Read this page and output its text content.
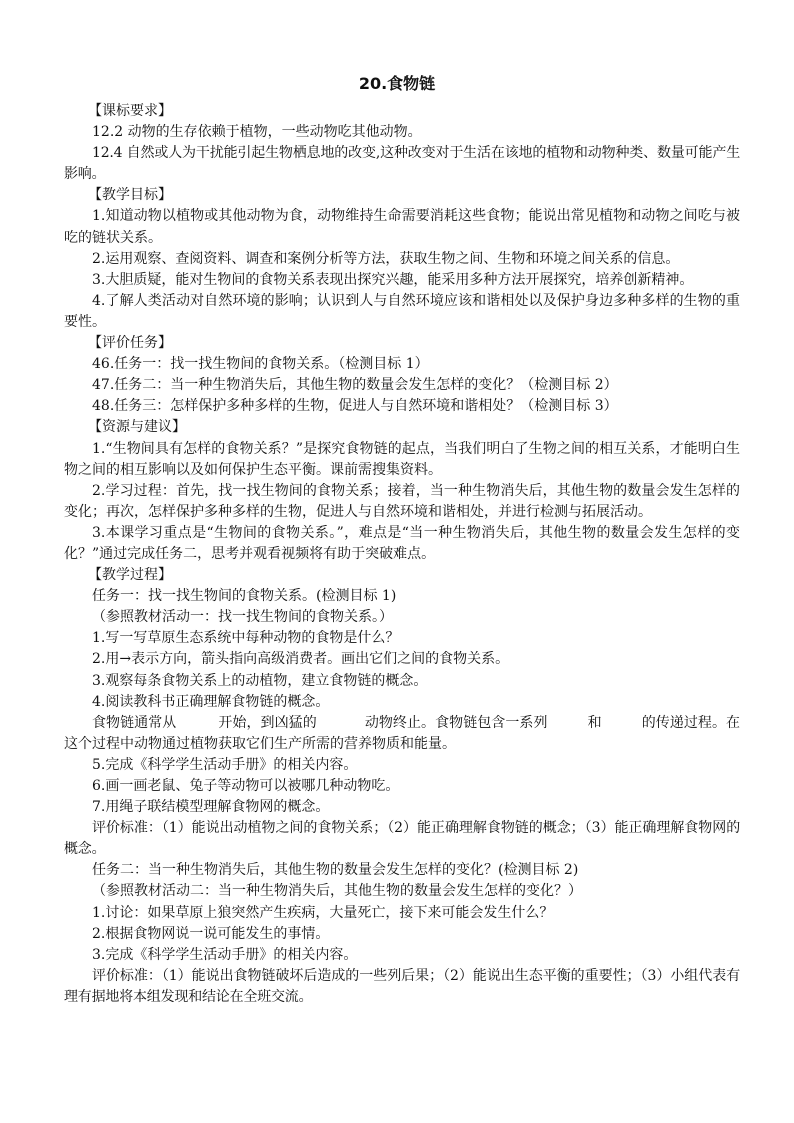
20.食物链

【课标要求】

12.2 动物的生存依赖于植物，一些动物吃其他动物。

12.4 自然或人为干扰能引起生物栖息地的改变,这种改变对于生活在该地的植物和动物种类、数量可能产生影响。

【教学目标】

1.知道动物以植物或其他动物为食，动物维持生命需要消耗这些食物；能说出常见植物和动物之间吃与被吃的链状关系。

2.运用观察、查阅资料、调查和案例分析等方法，获取生物之间、生物和环境之间关系的信息。

3.大胆质疑，能对生物间的食物关系表现出探究兴趣，能采用多种方法开展探究，培养创新精神。

4.了解人类活动对自然环境的影响；认识到人与自然环境应该和谐相处以及保护身边多种多样的生物的重要性。

【评价任务】

46.任务一：找一找生物间的食物关系。（检测目标 1）

47.任务二：当一种生物消失后，其他生物的数量会发生怎样的变化？（检测目标 2）

48.任务三：怎样保护多种多样的生物，促进人与自然环境和谐相处？（检测目标 3）

【资源与建议】

1.“生物间具有怎样的食物关系？”是探究食物链的起点，当我们明白了生物之间的相互关系，才能明白生物之间的相互影响以及如何保护生态平衡。课前需搜集资料。

2.学习过程：首先，找一找生物间的食物关系；接着，当一种生物消失后，其他生物的数量会发生怎样的变化；再次，怎样保护多种多样的生物，促进人与自然环境和谐相处，并进行检测与拓展活动。

3.本课学习重点是“生物间的食物关系。”，难点是“当一种生物消失后，其他生物的数量会发生怎样的变化？”通过完成任务二，思考并观看视频将有助于突破难点。

【教学过程】

任务一：找一找生物间的食物关系。(检测目标 1)

（参照教材活动一：找一找生物间的食物关系。）

1.写一写草原生态系统中每种动物的食物是什么？

2.用→表示方向，箭头指向高级消费者。画出它们之间的食物关系。

3.观察每条食物关系上的动植物，建立食物链的概念。

4.阅读教科书正确理解食物链的概念。

食物链通常从	开始，到凶猛的	动物终止。食物链包含一系列	和	的传递过程。在这个过程中动物通过植物获取它们生产所需的营养物质和能量。

5.完成《科学学生活动手册》的相关内容。

6.画一画老鼠、兔子等动物可以被哪几种动物吃。

7.用绳子联结模型理解食物网的概念。

评价标准：（1）能说出动植物之间的食物关系；（2）能正确理解食物链的概念；（3）能正确理解食物网的概念。

任务二：当一种生物消失后，其他生物的数量会发生怎样的变化？(检测目标 2)

（参照教材活动二：当一种生物消失后，其他生物的数量会发生怎样的变化？）

1.讨论：如果草原上狼突然产生疾病，大量死亡，接下来可能会发生什么？

2.根据食物网说一说可能发生的事情。

3.完成《科学学生活动手册》的相关内容。

评价标准：（1）能说出食物链破坏后造成的一些列后果；（2）能说出生态平衡的重要性；（3）小组代表有理有据地将本组发现和结论在全班交流。
